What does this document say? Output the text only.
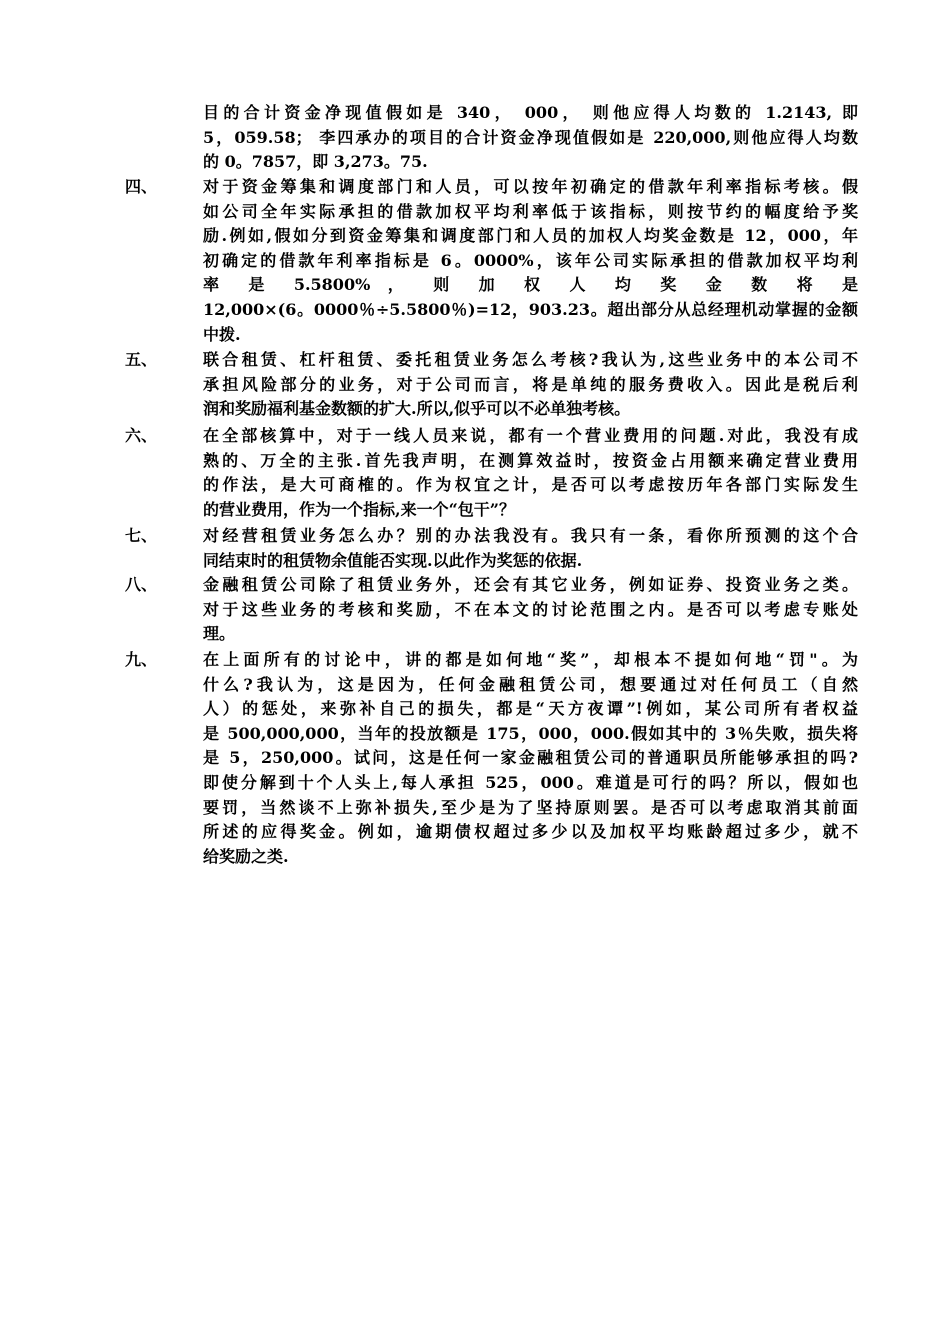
目的合计资金净现值假如是 340， 000， 则他应得人均数的 1.2143, 即
5，059.58； 李四承办的项目的合计资金净现值假如是 220,000,则他应得人均数
的 0。7857，即 3,273。75.
四、	对于资金筹集和调度部门和人员，可以按年初确定的借款年利率指标考核。假
如公司全年实际承担的借款加权平均利率低于该指标，则按节约的幅度给予奖
励.例如,假如分到资金筹集和调度部门和人员的加权人均奖金数是 12，000，年
初确定的借款年利率指标是 6。0000%，该年公司实际承担的借款加权平均利
率 是 5.5800% ， 则 加 权 人 均 奖 金 数 将 是
12,000×(6。0000％÷5.5800％)=12，903.23。超出部分从总经理机动掌握的金额
中拨.
五、	联合租赁、杠杆租赁、委托租赁业务怎么考核?我认为,这些业务中的本公司不
承担风险部分的业务，对于公司而言，将是单纯的服务费收入。因此是税后利
润和奖励福利基金数额的扩大.所以,似乎可以不必单独考核。
六、	在全部核算中，对于一线人员来说，都有一个营业费用的问题.对此，我没有成
熟的、万全的主张.首先我声明，在测算效益时，按资金占用额来确定营业费用
的作法，是大可商榷的。作为权宜之计，是否可以考虑按历年各部门实际发生
的营业费用，作为一个指标,来一个“包干”？
七、	对经营租赁业务怎么办？别的办法我没有。我只有一条，看你所预测的这个合
同结束时的租赁物余值能否实现.以此作为奖惩的依据.
八、	金融租赁公司除了租赁业务外，还会有其它业务，例如证券、投资业务之类。
对于这些业务的考核和奖励，不在本文的讨论范围之内。是否可以考虑专账处
理。
九、	在上面所有的讨论中，讲的都是如何地“奖”，却根本不提如何地“罚"。为
什么?我认为，这是因为，任何金融租赁公司，想要通过对任何员工（自然
人）的惩处，来弥补自己的损失，都是“天方夜谭”!例如，某公司所有者权益
是 500,000,000，当年的投放额是 175，000，000.假如其中的 3％失败，损失将
是 5，250,000。试问，这是任何一家金融租赁公司的普通职员所能够承担的吗?
即使分解到十个人头上,每人承担 525，000。难道是可行的吗？所以，假如也
要罚，当然谈不上弥补损失,至少是为了坚持原则罢。是否可以考虑取消其前面
所述的应得奖金。例如，逾期债权超过多少以及加权平均账龄超过多少，就不
给奖励之类.
